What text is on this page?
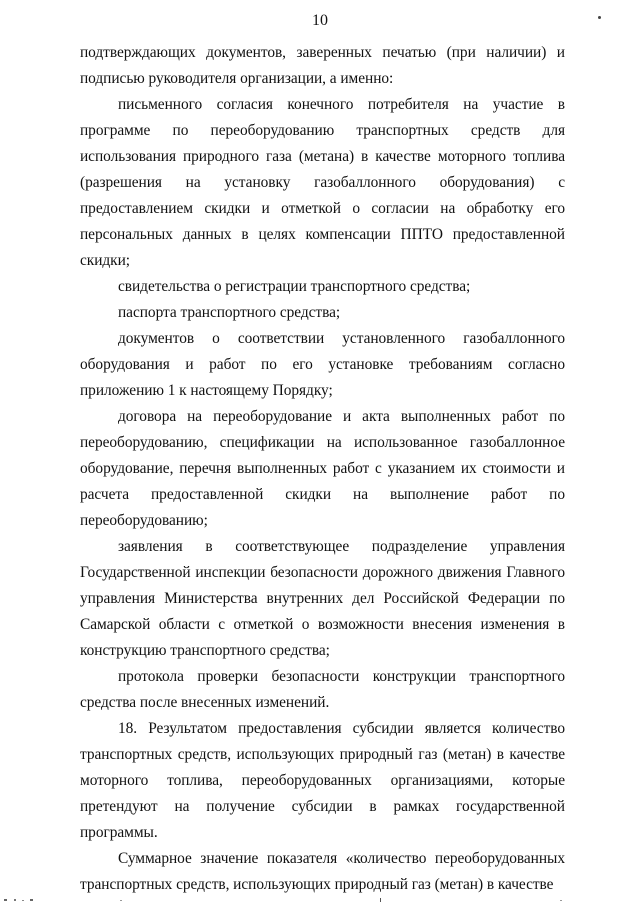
10

подтверждающих документов, заверенных печатью (при наличии) и подписью руководителя организации, а именно:

письменного согласия конечного потребителя на участие в программе по переоборудованию транспортных средств для использования природного газа (метана) в качестве моторного топлива (разрешения на установку газобаллонного оборудования) с предоставлением скидки и отметкой о согласии на обработку его персональных данных в целях компенсации ППТО предоставленной скидки;

свидетельства о регистрации транспортного средства;

паспорта транспортного средства;

документов о соответствии установленного газобаллонного оборудования и работ по его установке требованиям согласно приложению 1 к настоящему Порядку;

договора на переоборудование и акта выполненных работ по переоборудованию, спецификации на использованное газобаллонное оборудование, перечня выполненных работ с указанием их стоимости и расчета предоставленной скидки на выполнение работ по переоборудованию;

заявления в соответствующее подразделение управления Государственной инспекции безопасности дорожного движения Главного управления Министерства внутренних дел Российской Федерации по Самарской области с отметкой о возможности внесения изменения в конструкцию транспортного средства;

протокола проверки безопасности конструкции транспортного средства после внесенных изменений.

18. Результатом предоставления субсидии является количество транспортных средств, использующих природный газ (метан) в качестве моторного топлива, переоборудованных организациями, которые претендуют на получение субсидии в рамках государственной программы.

Суммарное значение показателя «количество переоборудованных транспортных средств, использующих природный газ (метан) в качестве
